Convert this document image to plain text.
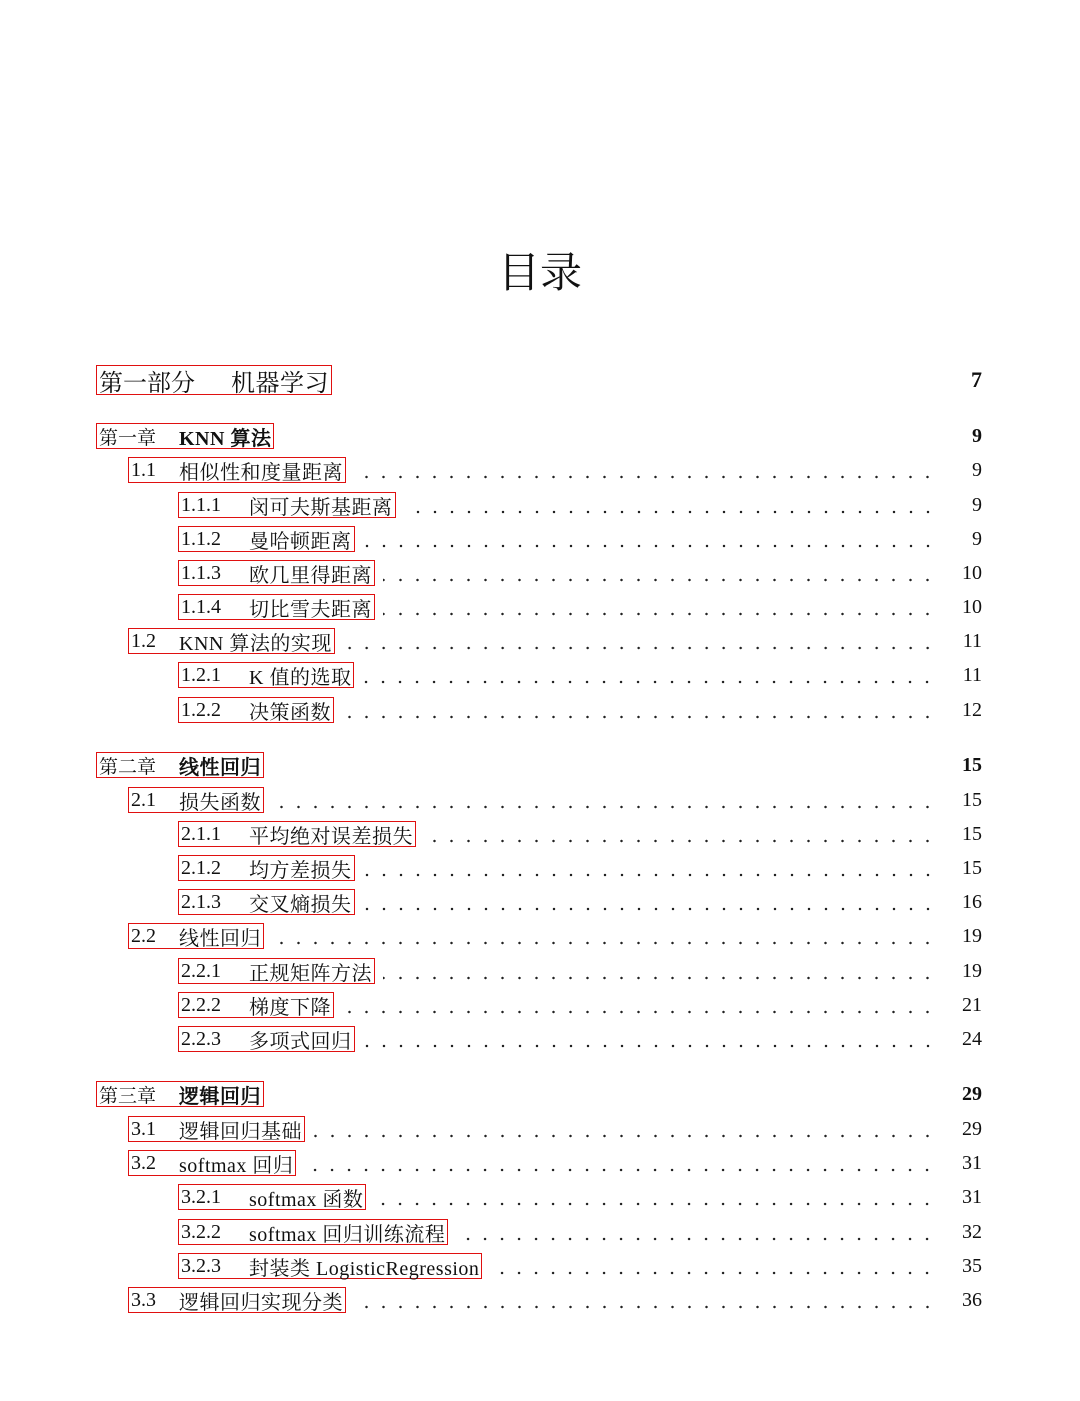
目录
第一部分	机器学习	7
第一章	KNN 算法	9
1.1	相似性和度量距离	9
1.1.1	闵可夫斯基距离	9
1.1.2	曼哈顿距离	9
1.1.3	欧几里得距离	10
1.1.4	切比雪夫距离	10
1.2	KNN 算法的实现	11
1.2.1	K 值的选取	11
1.2.2	决策函数	12
第二章	线性回归	15
2.1	损失函数	15
2.1.1	平均绝对误差损失	15
2.1.2	均方差损失	15
2.1.3	交叉熵损失	16
2.2	线性回归	19
2.2.1	正规矩阵方法	19
2.2.2	梯度下降	21
2.2.3	多项式回归	24
第三章	逻辑回归	29
3.1	逻辑回归基础	29
3.2	softmax 回归	31
3.2.1	softmax 函数	31
3.2.2	softmax 回归训练流程	32
3.2.3	封装类 LogisticRegression	35
3.3	逻辑回归实现分类	36
